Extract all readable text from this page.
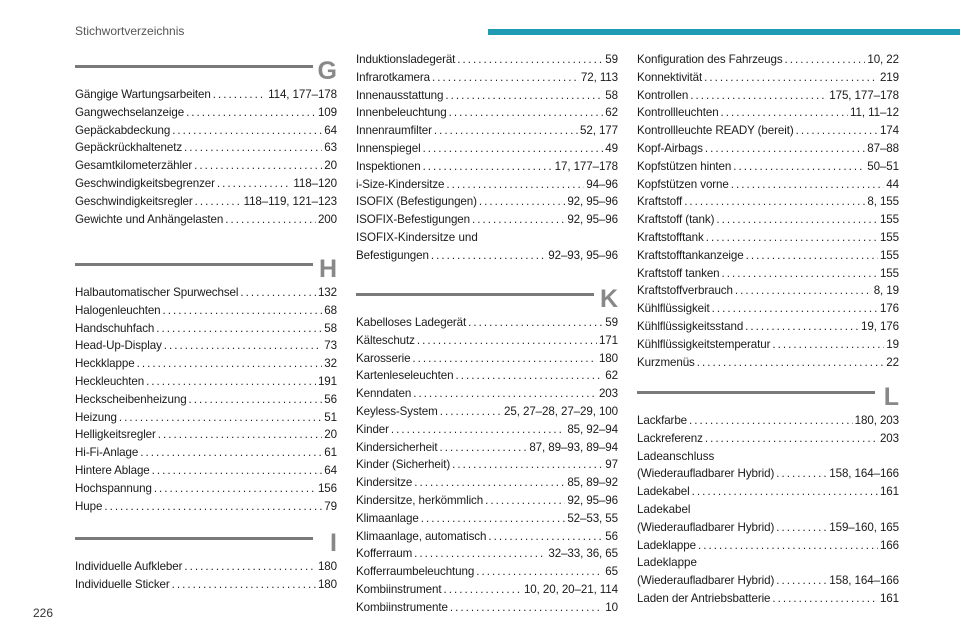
Stichwortverzeichnis
G
Gängige Wartungsarbeiten . . .	114, 177–178
Gangwechselanzeige . . .	109
Gepäckabdeckung . . .	64
Gepäckrückhaltenetz . . .	63
Gesamtkilometerzähler . . .	20
Geschwindigkeitsbegrenzer . . .	118–120
Geschwindigkeitsregler . . .	118–119, 121–123
Gewichte und Anhängelasten . . .	200
H
Halbautomatischer Spurwechsel . . .	132
Halogenleuchten . . .	68
Handschuhfach . . .	58
Head-Up-Display . . .	73
Heckklappe . . .	32
Heckleuchten . . .	191
Heckscheibenheizung . . .	56
Heizung . . .	51
Helligkeitsregler . . .	20
Hi-Fi-Anlage . . .	61
Hintere Ablage . . .	64
Hochspannung . . .	156
Hupe . . .	79
I
Individuelle Aufkleber . . .	180
Individuelle Sticker . . .	180
Induktionsladegerät . . .	59
Infrarotkamera . . .	72, 113
Innenausstattung . . .	58
Innenbeleuchtung . . .	62
Innenraumfilter . . .	52, 177
Innenspiegel . . .	49
Inspektionen . . .	17, 177–178
i-Size-Kindersitze . . .	94–96
ISOFIX (Befestigungen) . . .	92, 95–96
ISOFIX-Befestigungen . . .	92, 95–96
ISOFIX-Kindersitze und
Befestigungen . . .	92–93, 95–96
K
Kabelloses Ladegerät . . .	59
Kälteschutz . . .	171
Karosserie . . .	180
Kartenleseleuchten . . .	62
Kenndaten . . .	203
Keyless-System . . .	25, 27–28, 27–29, 100
Kinder . . .	85, 92–94
Kindersicherheit . . .	87, 89–93, 89–94
Kinder (Sicherheit) . . .	97
Kindersitze . . .	85, 89–92
Kindersitze, herkömmlich . . .	92, 95–96
Klimaanlage . . .	52–53, 55
Klimaanlage, automatisch . . .	56
Kofferraum . . .	32–33, 36, 65
Kofferraumbeleuchtung . . .	65
Kombiinstrument . . .	10, 20, 20–21, 114
Kombiinstrumente . . .	10
Konfiguration des Fahrzeugs . . .	10, 22
Konnektivität . . .	219
Kontrollen . . .	175, 177–178
Kontrollleuchten . . .	11, 11–12
Kontrollleuchte READY (bereit) . . .	174
Kopf-Airbags . . .	87–88
Kopfstützen hinten . . .	50–51
Kopfstützen vorne . . .	44
Kraftstoff . . .	8, 155
Kraftstoff (tank) . . .	155
Kraftstofftank . . .	155
Kraftstofftankanzeige . . .	155
Kraftstoff tanken . . .	155
Kraftstoffverbrauch . . .	8, 19
Kühlflüssigkeit . . .	176
Kühlflüssigkeitsstand . . .	19, 176
Kühlflüssigkeitstemperatur . . .	19
Kurzmenüs . . .	22
L
Lackfarbe . . .	180, 203
Lackreferenz . . .	203
Ladeanschluss
(Wiederaufladbarer Hybrid) . . .	158, 164–166
Ladekabel . . .	161
Ladekabel
(Wiederaufladbarer Hybrid) . . .	159–160, 165
Ladeklappe . . .	166
Ladeklappe
(Wiederaufladbarer Hybrid) . . .	158, 164–166
Laden der Antriebsbatterie . . .	161
226
